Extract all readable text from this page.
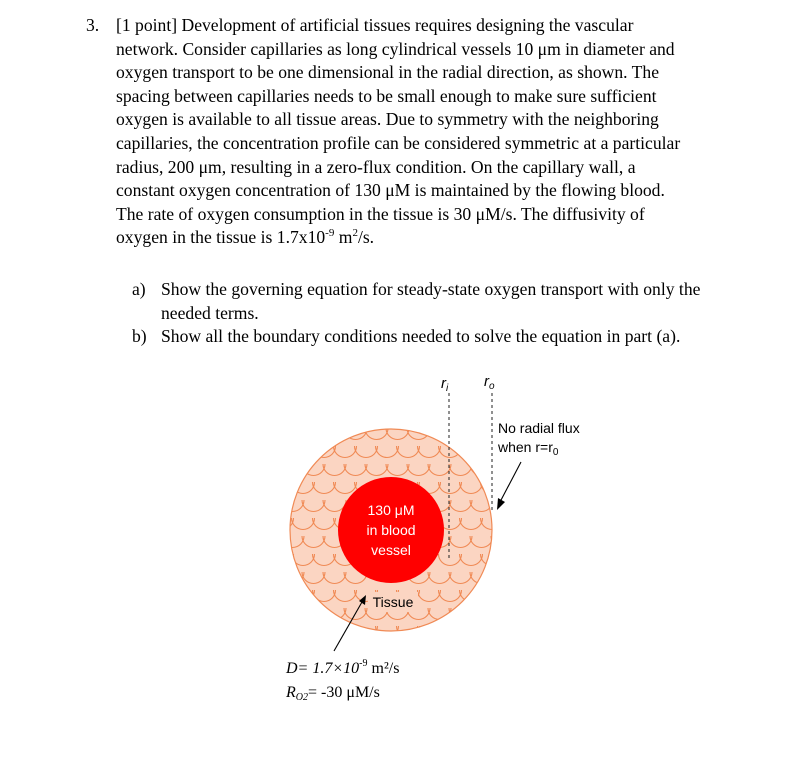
3. [1 point] Development of artificial tissues requires designing the vascular
network. Consider capillaries as long cylindrical vessels 10 μm in diameter and
oxygen transport to be one dimensional in the radial direction, as shown. The
spacing between capillaries needs to be small enough to make sure sufficient
oxygen is available to all tissue areas. Due to symmetry with the neighboring
capillaries, the concentration profile can be considered symmetric at a particular
radius, 200 μm, resulting in a zero-flux condition. On the capillary wall, a
constant oxygen concentration of 130 μM is maintained by the flowing blood.
The rate of oxygen consumption in the tissue is 30 μM/s. The diffusivity of
oxygen in the tissue is $1.7x10^{-9}$ $m^2/s$.
a) Show the governing equation for steady-state oxygen transport with only the
needed terms.
b) Show all the boundary conditions needed to solve the equation in part (a).
130 μM
in blood
vessel
Tissue
$r_i$ $r_o$
No radial flux
when $r=r_0$
$D= 1.7\times 10^{-9}$ m²/s
RO2= -30 μM/s
